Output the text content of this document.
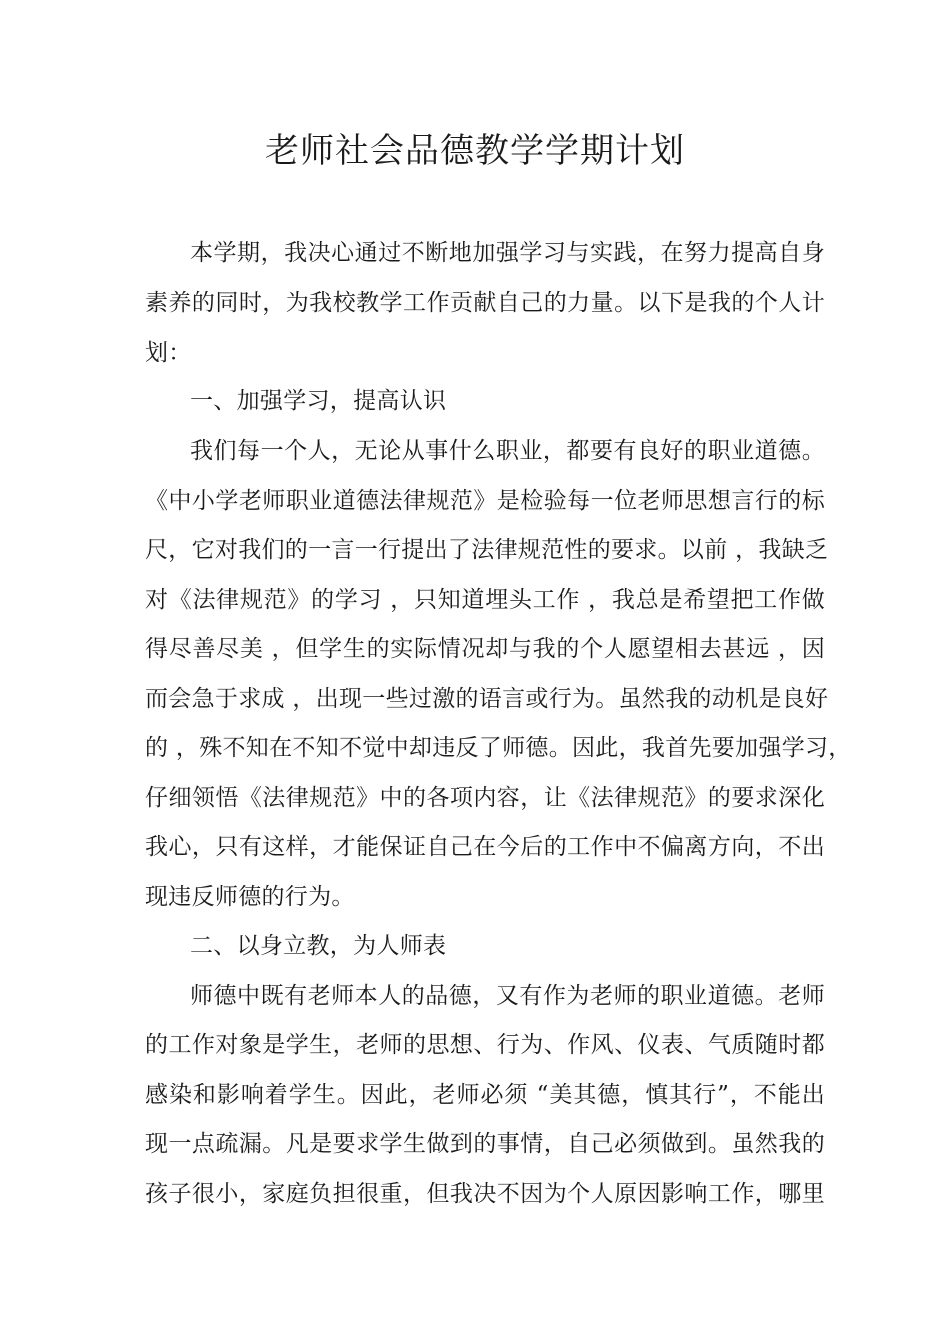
老师社会品德教学学期计划

本学期，我决心通过不断地加强学习与实践，在努力提高自身

素养的同时，为我校教学工作贡献自己的力量。以下是我的个人计

划：

一、加强学习，提高认识

我们每一个人，无论从事什么职业，都要有良好的职业道德。

《中小学老师职业道德法律规范》是检验每一位老师思想言行的标

尺，它对我们的一言一行提出了法律规范性的要求。以前 ，我缺乏

对《法律规范》的学习 ，只知道埋头工作 ，我总是希望把工作做

得尽善尽美 ，但学生的实际情况却与我的个人愿望相去甚远 ，因

而会急于求成 ，出现一些过激的语言或行为。虽然我的动机是良好

的 ，殊不知在不知不觉中却违反了师德。因此，我首先要加强学习，

仔细领悟《法律规范》中的各项内容，让《法律规范》的要求深化

我心，只有这样，才能保证自己在今后的工作中不偏离方向，不出

现违反师德的行为。

二、以身立教，为人师表

师德中既有老师本人的品德，又有作为老师的职业道德。老师

的工作对象是学生，老师的思想、行为、作风、仪表、气质随时都

感染和影响着学生。因此，老师必须 “美其德，慎其行”，不能出

现一点疏漏。凡是要求学生做到的事情，自己必须做到。虽然我的

孩子很小，家庭负担很重，但我决不因为个人原因影响工作，哪里
